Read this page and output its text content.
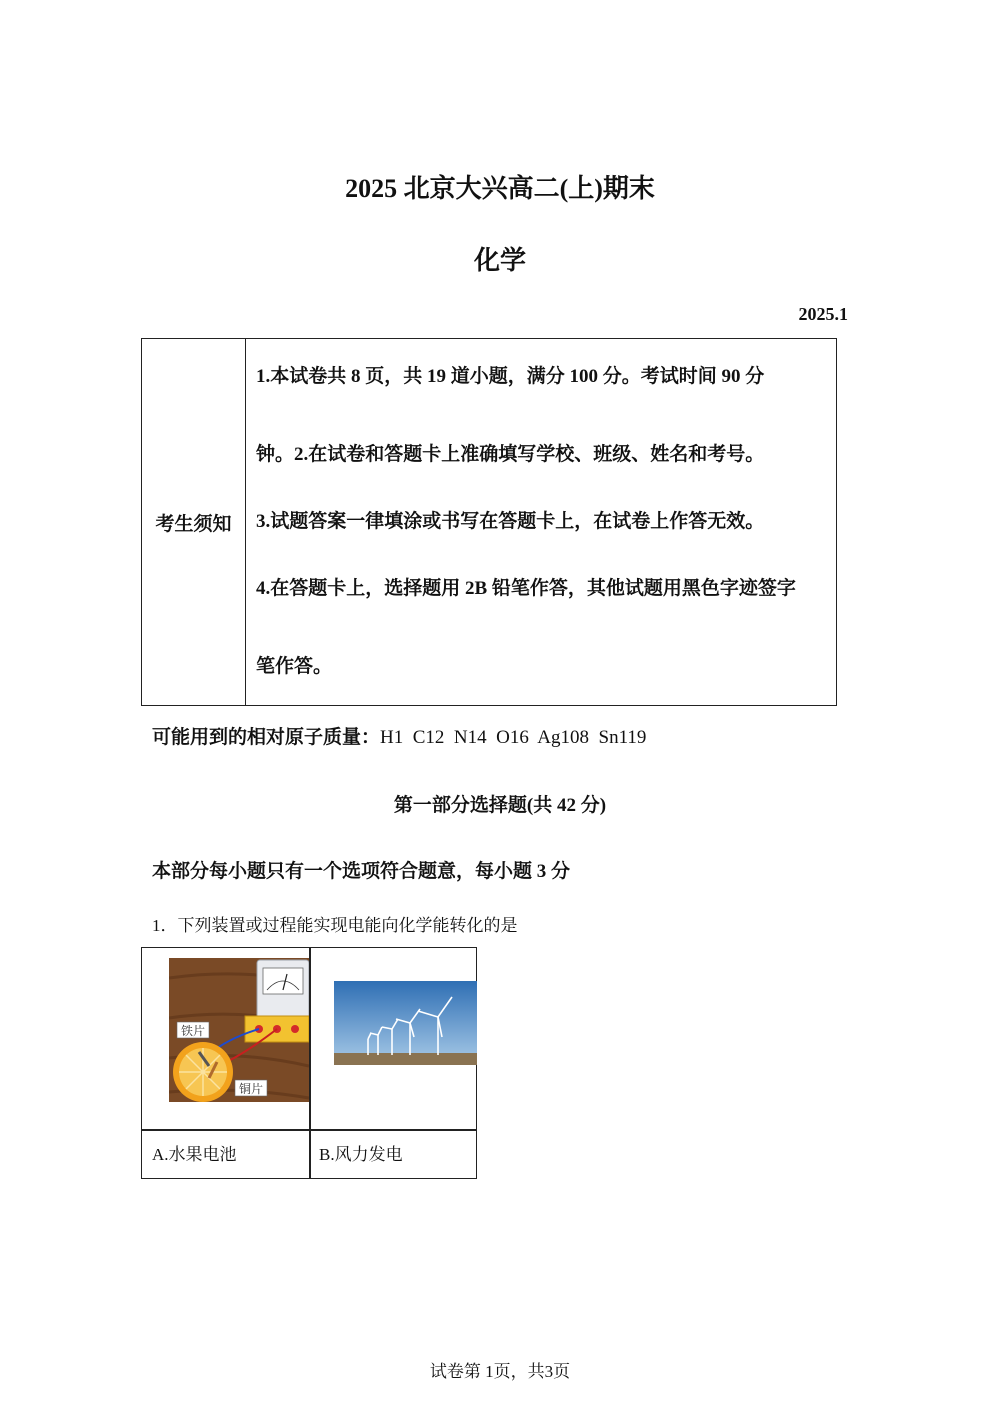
2025 北京大兴高二(上)期末
化学
2025.1
考生须知
1.本试卷共 8 页，共 19 道小题，满分 100 分。考试时间 90 分
钟。2.在试卷和答题卡上准确填写学校、班级、姓名和考号。
3.试题答案一律填涂或书写在答题卡上，在试卷上作答无效。
4.在答题卡上，选择题用 2B 铅笔作答，其他试题用黑色字迹签字
笔作答。
可能用到的相对原子质量：H1  C12  N14  O16  Ag108  Sn119
第一部分选择题(共 42 分)
本部分每小题只有一个选项符合题意，每小题 3 分
1．下列装置或过程能实现电能向化学能转化的是
铁片
铜片
A.水果电池	B.风力发电
试卷第 1页，共3页
